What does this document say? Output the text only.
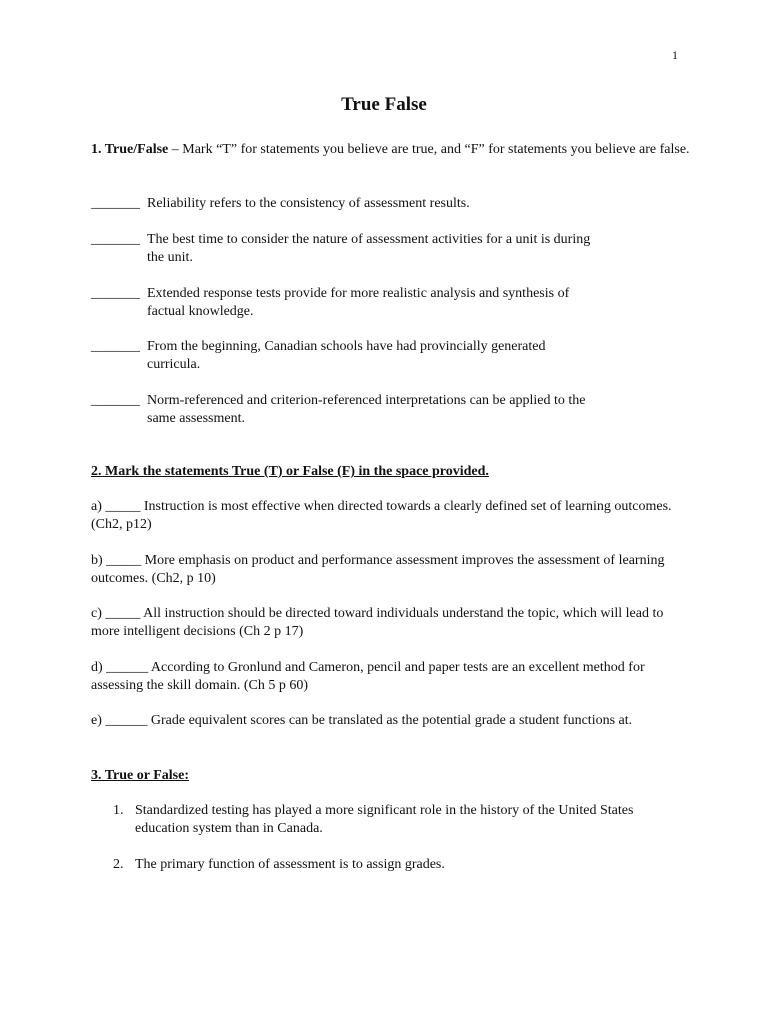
1
True False
1. True/False – Mark “T” for statements you believe are true, and “F” for statements you believe are false.
_______ Reliability refers to the consistency of assessment results.
_______ The best time to consider the nature of assessment activities for a unit is during
the unit.
_______ Extended response tests provide for more realistic analysis and synthesis of
factual knowledge.
_______ From the beginning, Canadian schools have had provincially generated
curricula.
_______ Norm-referenced and criterion-referenced interpretations can be applied to the
same assessment.
2. Mark the statements True (T) or False (F) in the space provided.
a) _____ Instruction is most effective when directed towards a clearly defined set of learning outcomes. (Ch2, p12)
b) _____ More emphasis on product and performance assessment improves the assessment of learning outcomes. (Ch2, p 10)
c) _____ All instruction should be directed toward individuals understand the topic, which will lead to more intelligent decisions (Ch 2 p 17)
d) ______ According to Gronlund and Cameron, pencil and paper tests are an excellent method for assessing the skill domain. (Ch 5 p 60)
e) ______ Grade equivalent scores can be translated as the potential grade a student functions at.
3. True or False:
1. Standardized testing has played a more significant role in the history of the United States education system than in Canada.
2. The primary function of assessment is to assign grades.
